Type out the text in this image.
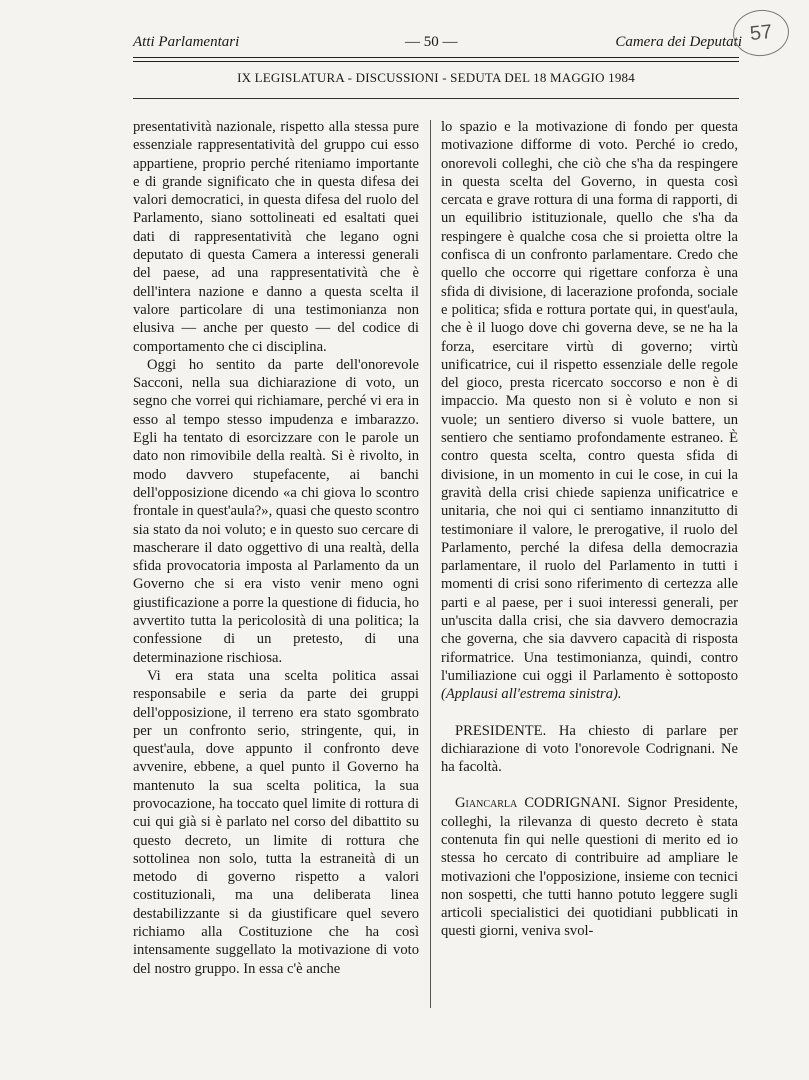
Atti Parlamentari	— 50 —	Camera dei Deputati 57
IX LEGISLATURA - DISCUSSIONI - SEDUTA DEL 18 MAGGIO 1984

presentatività nazionale, rispetto alla stessa pure essenziale rappresentatività del gruppo cui esso appartiene, proprio perché riteniamo importante e di grande significato che in questa difesa dei valori democratici, in questa difesa del ruolo del Parlamento, siano sottolineati ed esaltati quei dati di rappresentatività che legano ogni deputato di questa Camera a interessi generali del paese, ad una rappresentatività che è dell'intera nazione e danno a questa scelta il valore particolare di una testimonianza non elusiva — anche per questo — del codice di comportamento che ci disciplina.

Oggi ho sentito da parte dell'onorevole Sacconi, nella sua dichiarazione di voto, un segno che vorrei qui richiamare, perché vi era in esso al tempo stesso impudenza e imbarazzo. Egli ha tentato di esorcizzare con le parole un dato non rimovibile della realtà. Si è rivolto, in modo davvero stupefacente, ai banchi dell'opposizione dicendo «a chi giova lo scontro frontale in quest'aula?», quasi che questo scontro sia stato da noi voluto; e in questo suo cercare di mascherare il dato oggettivo di una realtà, della sfida provocatoria imposta al Parlamento da un Governo che si era visto venir meno ogni giustificazione a porre la questione di fiducia, ho avvertito tutta la pericolosità di una politica; la confessione di un pretesto, di una determinazione rischiosa.

Vi era stata una scelta politica assai responsabile e seria da parte dei gruppi dell'opposizione, il terreno era stato sgombrato per un confronto serio, stringente, qui, in quest'aula, dove appunto il confronto deve avvenire, ebbene, a quel punto il Governo ha mantenuto la sua scelta politica, la sua provocazione, ha toccato quel limite di rottura di cui qui già si è parlato nel corso del dibattito su questo decreto, un limite di rottura che sottolinea non solo, tutta la estraneità di un metodo di governo rispetto a valori costituzionali, ma una deliberata linea destabilizzante si da giustificare quel severo richiamo alla Costituzione che ha così intensamente suggellato la motivazione di voto del nostro gruppo. In essa c'è anche

lo spazio e la motivazione di fondo per questa motivazione difforme di voto. Perché io credo, onorevoli colleghi, che ciò che s'ha da respingere in questa scelta del Governo, in questa così cercata e grave rottura di una forma di rapporti, di un equilibrio istituzionale, quello che s'ha da respingere è qualche cosa che si proietta oltre la confisca di un confronto parlamentare. Credo che quello che occorre qui rigettare conforza è una sfida di divisione, di lacerazione profonda, sociale e politica; sfida e rottura portate qui, in quest'aula, che è il luogo dove chi governa deve, se ne ha la forza, esercitare virtù di governo; virtù unificatrice, cui il rispetto essenziale delle regole del gioco, presta ricercato soccorso e non è di impaccio. Ma questo non si è voluto e non si vuole; un sentiero diverso si vuole battere, un sentiero che sentiamo profondamente estraneo. È contro questa scelta, contro questa sfida di divisione, in un momento in cui le cose, in cui la gravità della crisi chiede sapienza unificatrice e unitaria, che noi qui ci sentiamo innanzitutto di testimoniare il valore, le prerogative, il ruolo del Parlamento, perché la difesa della democrazia parlamentare, il ruolo del Parlamento in tutti i momenti di crisi sono riferimento di certezza alle parti e al paese, per i suoi interessi generali, per un'uscita dalla crisi, che sia davvero democrazia che governa, che sia davvero capacità di risposta riformatrice. Una testimonianza, quindi, contro l'umiliazione cui oggi il Parlamento è sottoposto (Applausi all'estrema sinistra).

PRESIDENTE. Ha chiesto di parlare per dichiarazione di voto l'onorevole Codrignani. Ne ha facoltà.

Giancarla CODRIGNANI. Signor Presidente, colleghi, la rilevanza di questo decreto è stata contenuta fin qui nelle questioni di merito ed io stessa ho cercato di contribuire ad ampliare le motivazioni che l'opposizione, insieme con tecnici non sospetti, che tutti hanno potuto leggere sugli articoli specialistici dei quotidiani pubblicati in questi giorni, veniva svol-
